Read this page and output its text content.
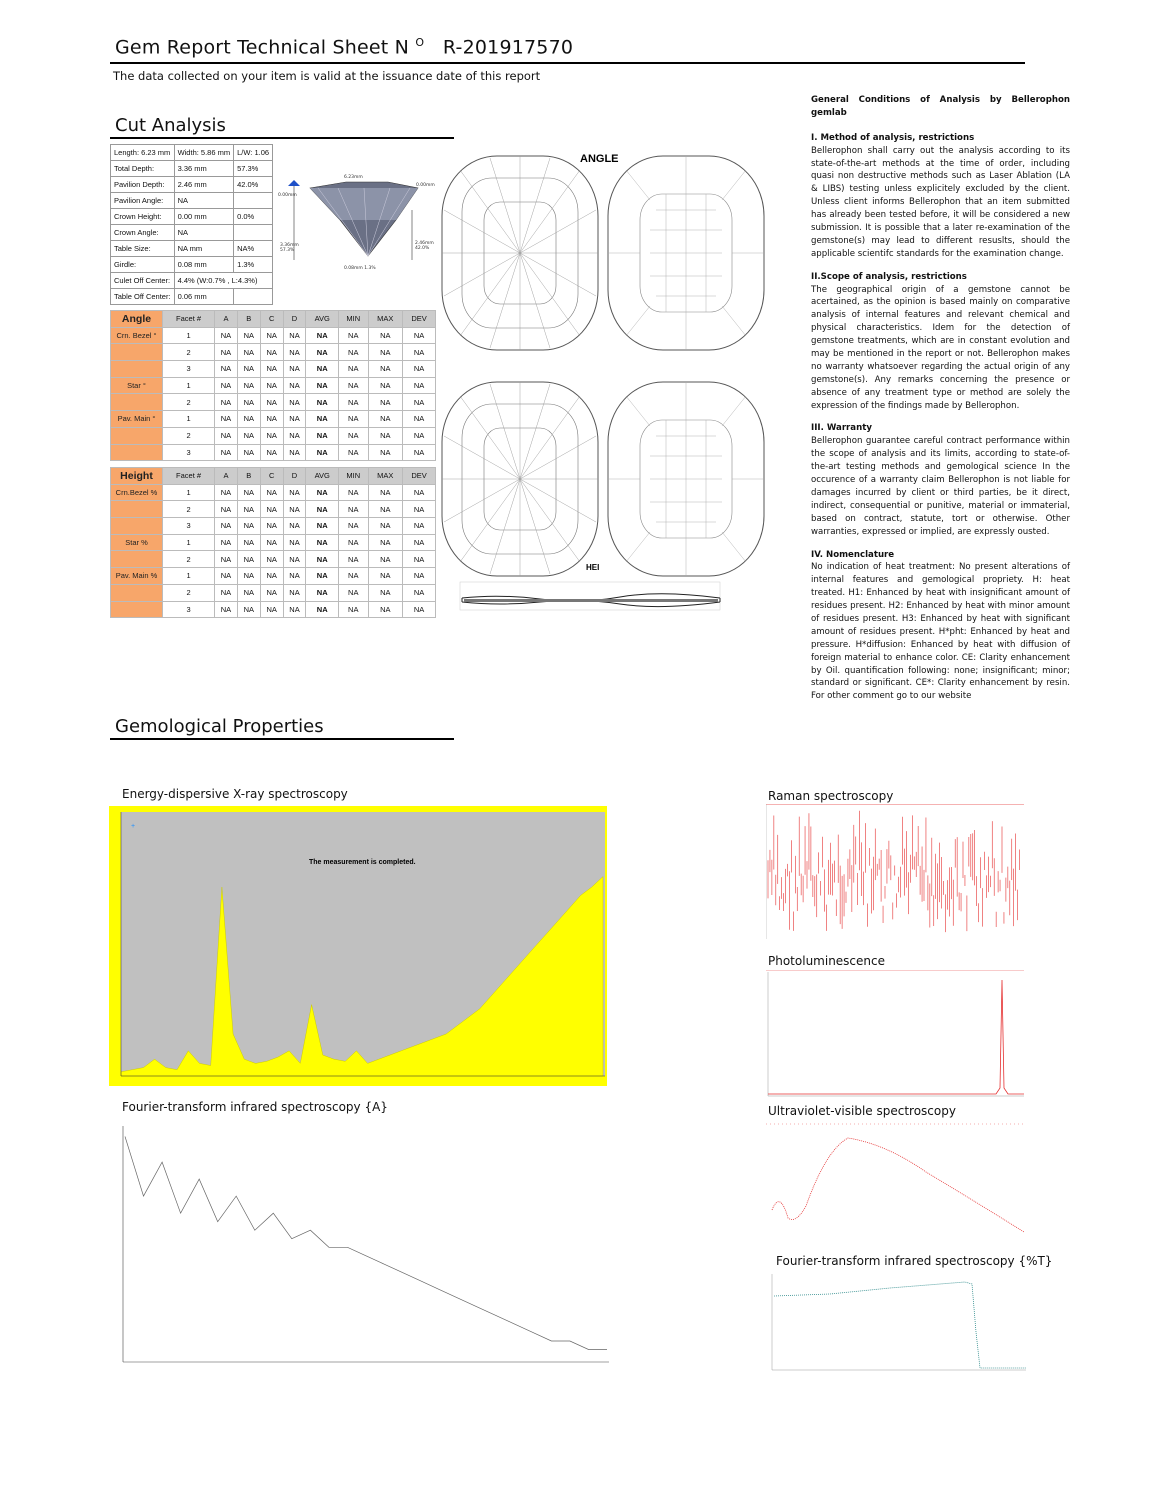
Gem Report Technical Sheet N $^O$ R-201917570
The data collected on your item is valid at the issuance date of this report
Cut Analysis
Length: 6.23 mm	Width: 5.86 mm	L/W: 1.06
Total Depth:	3.36 mm	57.3%
Pavilion Depth:	2.46 mm	42.0%
Pavilion Angle:	NA	
Crown Height:	0.00 mm	0.0%
Crown Angle:	NA	
Table Size:	NA mm	NA%
Girdle:	0.08 mm	1.3%
Culet Off Center:	4.4% (W:0.7% , L:4.3%)	
Table Off Center:	0.06 mm	
6.23mm
3.36mm
57.3%
2.46mm
42.0%
0.08mm 1.3%
0.00mm
0.00mm
Angle	Facet #	A	B	C	D	AVG	MIN	MAX	DEV
Crn. Bezel °	1	NA	NA	NA	NA	NA	NA	NA	NA
	2	NA	NA	NA	NA	NA	NA	NA	NA
	3	NA	NA	NA	NA	NA	NA	NA	NA
Star °	1	NA	NA	NA	NA	NA	NA	NA	NA
	2	NA	NA	NA	NA	NA	NA	NA	NA
Pav. Main °	1	NA	NA	NA	NA	NA	NA	NA	NA
	2	NA	NA	NA	NA	NA	NA	NA	NA
	3	NA	NA	NA	NA	NA	NA	NA	NA
Height	Facet #	A	B	C	D	AVG	MIN	MAX	DEV
Crn.Bezel %	1	NA	NA	NA	NA	NA	NA	NA	NA
	2	NA	NA	NA	NA	NA	NA	NA	NA
	3	NA	NA	NA	NA	NA	NA	NA	NA
Star %	1	NA	NA	NA	NA	NA	NA	NA	NA
	2	NA	NA	NA	NA	NA	NA	NA	NA
Pav. Main %	1	NA	NA	NA	NA	NA	NA	NA	NA
	2	NA	NA	NA	NA	NA	NA	NA	NA
	3	NA	NA	NA	NA	NA	NA	NA	NA
ANGLE
HEI
General Conditions of Analysis by Bellerophon gemlab
I. Method of analysis, restrictions

Bellerophon shall carry out the analysis according to its state-of-the-art methods at the time of order, including quasi non destructive methods such as Laser Ablation (LA & LIBS) testing unless explicitely excluded by the client. Unless client informs Bellerophon that an item submitted has already been tested before, it will be considered a new submission. It is possible that a later re-examination of the gemstone(s) may lead to different resuslts, should the applicable scientifc standards for the examination change.

II.Scope of analysis, restrictions

The geographical origin of a gemstone cannot be acertained, as the opinion is based mainly on comparative analysis of internal features and relevant chemical and physical characteristics. Idem for the detection of gemstone treatments, which are in constant evolution and may be mentioned in the report or not. Bellerophon makes no warranty whatsoever regarding the actual origin of any gemstone(s). Any remarks concerning the presence or absence of any treatment type or method are solely the expression of the findings made by Bellerophon.

III. Warranty

Bellerophon guarantee careful contract performance within the scope of analysis and its limits, according to state-of-the-art testing methods and gemological science In the occurence of a warranty claim Bellerophon is not liable for damages incurred by client or third parties, be it direct, indirect, consequential or punitive, material or immaterial, based on contract, statute, tort or otherwise. Other warranties, expressed or implied, are expressly ousted.

IV. Nomenclature

No indication of heat treatment: No present alterations of internal features and gemological propriety. H: heat treated. H1: Enhanced by heat with insignificant amount of residues present. H2: Enhanced by heat with minor amount of residues present. H3: Enhanced by heat with significant amount of residues present. H*pht: Enhanced by heat and pressure. H*diffusion: Enhanced by heat with diffusion of foreign material to enhance color. CE: Clarity enhancement by Oil. quantification following: none; insignificant; minor; standard or significant. CE*: Clarity enhancement by resin. For other comment go to our website

Gemological Properties
Energy-dispersive X-ray spectroscopy
The measurement is completed.
+
Fourier-transform infrared spectroscopy {A}
Raman spectroscopy
Photoluminescence
Ultraviolet-visible spectroscopy
Fourier-transform infrared spectroscopy {%T}
